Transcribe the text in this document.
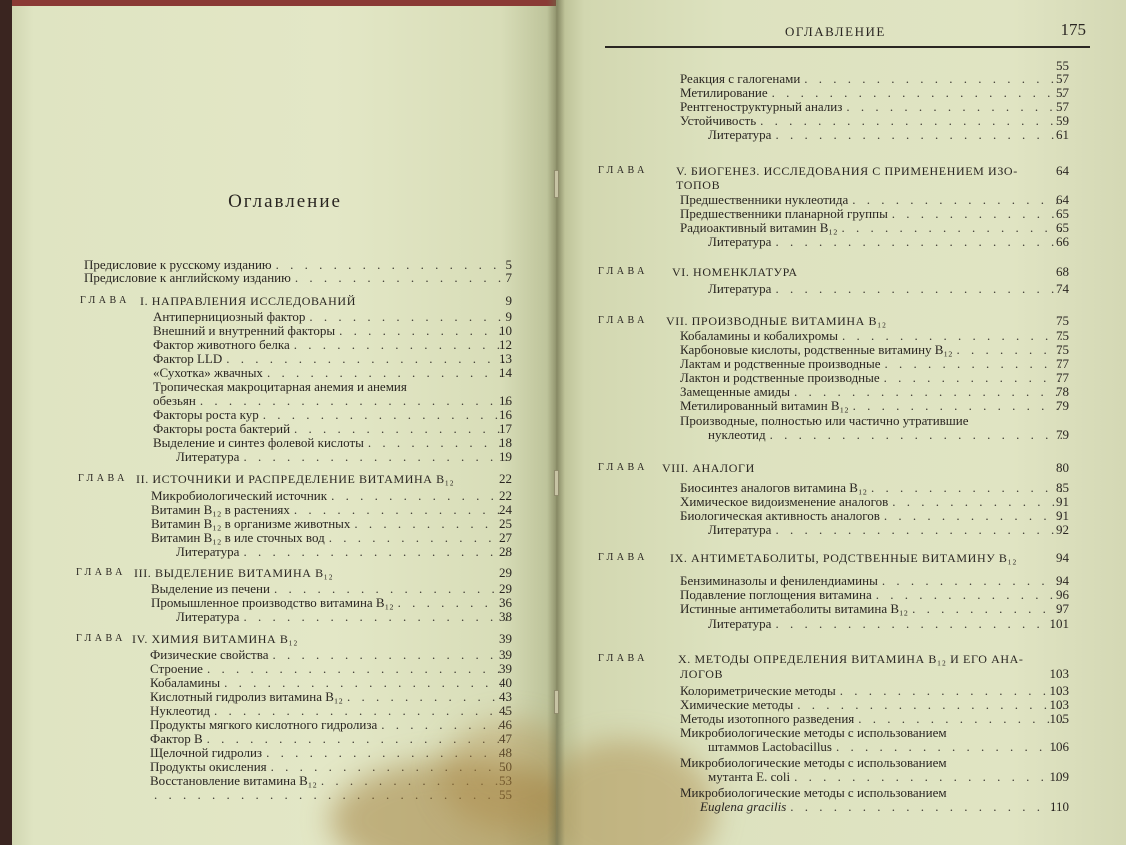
Оглавление
Предисловие к русскому изданию . . .	5
Предисловие к английскому изданию . . .	7
ГЛАВА I. НАПРАВЛЕНИЯ ИССЛЕДОВАНИЙ	9
Антипернициозный фактор . . .	9
Внешний и внутренний факторы . . .	10
Фактор животного белка . . .	12
Фактор LLD . . .	13
«Сухотка» жвачных . . .	14
Тропическая макроцитарная анемия и анемия
обезьян . . .	16
Факторы роста кур . . .	16
Факторы роста бактерий . . .	17
Выделение и синтез фолевой кислоты . . .	18
Литература . . .	19
ГЛАВА II. ИСТОЧНИКИ И РАСПРЕДЕЛЕНИЕ ВИТАМИНА B₁₂	22
Микробиологический источник . . .	22
Витамин B₁₂ в растениях . . .	24
Витамин B₁₂ в организме животных . . .	25
Витамин B₁₂ в иле сточных вод . . .	27
Литература . . .	28
ГЛАВА III. ВЫДЕЛЕНИЕ ВИТАМИНА B₁₂	29
Выделение из печени . . .	29
Промышленное производство витамина B₁₂ . . .	36
Литература . . .	38
ГЛАВА IV. ХИМИЯ ВИТАМИНА B₁₂	39
Физические свойства . . .	39
Строение . . .	39
Кобаламины . . .	40
Кислотный гидролиз витамина B₁₂ . . .	43
Нуклеотид . . .	45
Продукты мягкого кислотного гидролиза . . .	46
Фактор B . . .	47
Щелочной гидролиз . . .	48
Продукты окисления . . .	50
Восстановление витамина B₁₂ . . .	53
. . .
55
ОГЛАВЛЕНИЕ	175
55
Реакция с галогенами . . .	57
Метилирование . . .	57
Рентгеноструктурный анализ . . .	57
Устойчивость . . .	59
Литература . . .	61
ГЛАВА V. БИОГЕНЕЗ. ИССЛЕДОВАНИЯ С ПРИМЕНЕНИЕМ ИЗО-	64
ТОПОВ
Предшественники нуклеотида . . .	64
Предшественники планарной группы . . .	65
Радиоактивный витамин B₁₂ . . .	65
Литература . . .	66
ГЛАВА VI. НОМЕНКЛАТУРА	68
Литература . . .	74
ГЛАВА VII. ПРОИЗВОДНЫЕ ВИТАМИНА B₁₂	75
Кобаламины и кобалихромы . . .	75
Карбоновые кислоты, родственные витамину B₁₂ . . .	75
Лактам и родственные производные . . .	77
Лактон и родственные производные . . .	77
Замещенные амиды . . .	78
Метилированный витамин B₁₂ . . .	79
Производные, полностью или частично утратившие
нуклеотид . . .	79
ГЛАВА VIII. АНАЛОГИ	80
Биосинтез аналогов витамина B₁₂ . . .	85
Химическое видоизменение аналогов . . .	91
Биологическая активность аналогов . . .	91
Литература . . .	92
ГЛАВА IX. АНТИМЕТАБОЛИТЫ, РОДСТВЕННЫЕ ВИТАМИНУ B₁₂	94
Бензиминазолы и фенилендиамины . . .	94
Подавление поглощения витамина . . .	96
Истинные антиметаболиты витамина B₁₂ . . .	97
Литература . . .	101
ГЛАВА	X. МЕТОДЫ ОПРЕДЕЛЕНИЯ ВИТАМИНА B₁₂ И ЕГО АНА-
ЛОГОВ	103
Колориметрические методы . . .	103
Химические методы . . .	103
Методы изотопного разведения . . .	105
Микробиологические методы с использованием
штаммов Lactobacillus . . .	106
Микробиологические методы с использованием
мутанта E. coli . . .	109
Микробиологические методы с использованием
Euglena gracilis . . .	110
